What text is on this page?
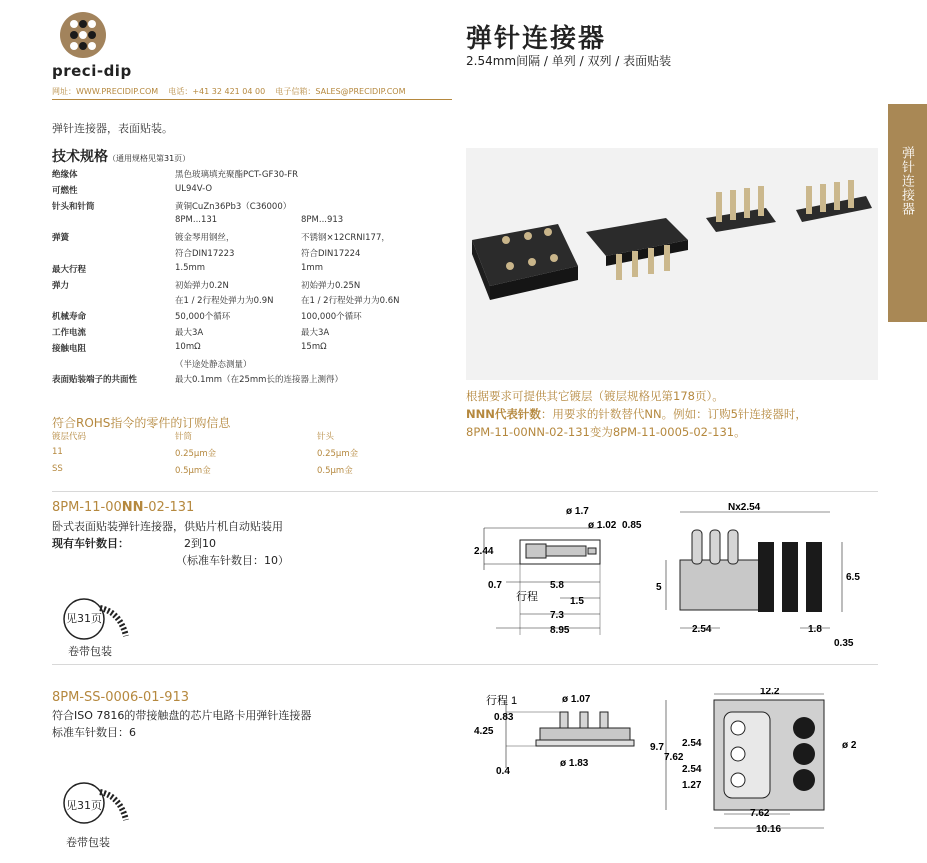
preci-dip
网址：WWW.PRECIDIP.COM 电话：+41 32 421 04 00 电子信箱：SALES@PRECIDIP.COM
弹针连接器
2.54mm间隔 / 单列 / 双列 / 表面贴装
弹针连接器
弹针连接器，表面贴装。
技术规格（通用规格见第31页）
绝缘体	黑色玻璃填充聚酯PCT-GF30-FR
可燃性	UL94V-O
针头和针筒	黄铜CuZn36Pb3（C36000）
8PM...131	8PM...913
弹簧	镀金琴用钢丝，	不锈钢×12CRNI177，
符合DIN17223	符合DIN17224
最大行程	1.5mm	1mm
弹力	初始弹力0.2N	初始弹力0.25N
在1 / 2行程处弹力为0.9N	在1 / 2行程处弹力为0.6N
机械寿命	50,000个循环	100,000个循环
工作电流	最大3A	最大3A
接触电阻	10mΩ	15mΩ
（半途处静态测量）
表面贴装端子的共面性	最大0.1mm（在25mm长的连接器上测得）
符合ROHS指令的零件的订购信息
镀层代码	针筒	针头
11	0.25μm金	0.25μm金
SS	0.5μm金	0.5μm金
根据要求可提供其它镀层（镀层规格见第178页）。
NNN代表针数：用要求的针数替代NN。例如：订购5针连接器时，
8PM-11-00NN-02-131变为8PM-11-0005-02-131。
8PM-11-00NN-02-131
卧式表面贴装弹针连接器，供贴片机自动贴装用
现有车针数目：	2到10
（标准车针数目：10）
见31页
卷带包装
2.44
0.7	5.8
行程	1.5
7.3
8.95
ø 1.7
ø 1.02 0.85
Nx2.54
5
6.5
2.54	1.8
0.35
8PM-SS-0006-01-913
符合ISO 7816的带接触盘的芯片电路卡用弹针连接器
标准车针数目：6
见31页
卷带包装
行程 1	ø 1.07
0.83
4.25
ø 1.83
0.4
12.2
9.7 2.54
7.62
2.54
1.27
ø 2
7.62
10.16
